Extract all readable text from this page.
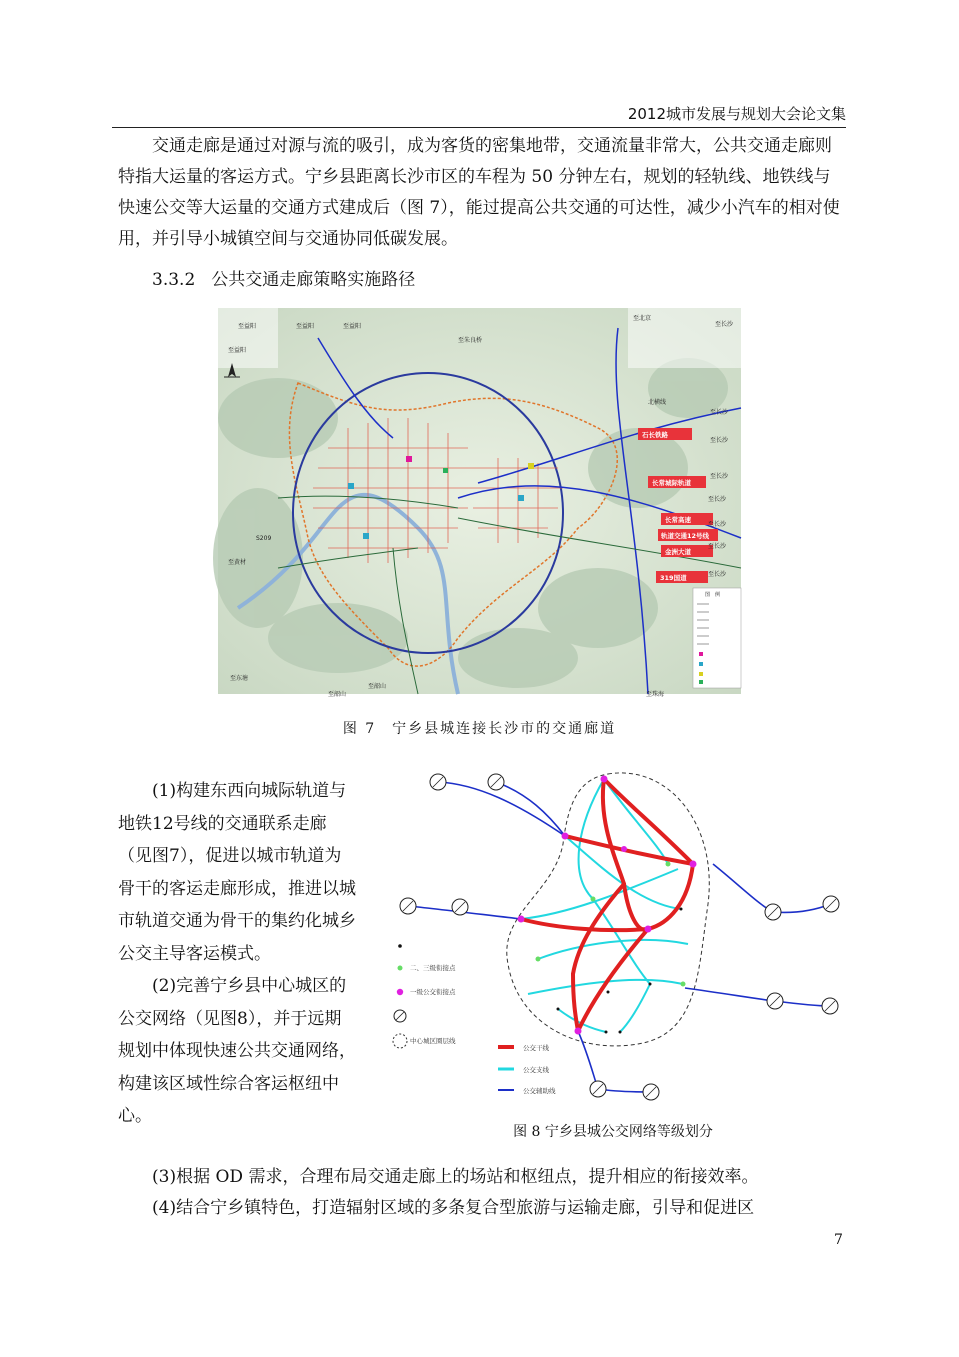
2012城市发展与规划大会论文集

交通走廊是通过对源与流的吸引，成为客货的密集地带，交通流量非常大，公共交通走廊则特指大运量的客运方式。宁乡县距离长沙市区的车程为 50 分钟左右，规划的轻轨线、地铁线与快速公交等大运量的交通方式建成后（图 7），能过提高公共交通的可达性，减少小汽车的相对使用，并引导小城镇空间与交通协同低碳发展。

3.3.2 公共交通走廊策略实施路径
至北京
至益阳	至益阳	至益阳
至益阳
至朱良桥
至长沙
至长沙
至长沙
至长沙
至长沙
至长沙
至长沙
至长沙
至黄材
至东塘
至韶山
至韶山
至珠海
北横线
S209
石长铁路
长常城际轨道
长常高速
轨道交通12号线
金洲大道
319国道
图　例
图 7　宁乡县城连接长沙市的交通廊道

(1)构建东西向城际轨道与地铁12号线的交通联系走廊（见图7），促进以城市轨道为骨干的客运走廊形成，推进以城市轨道交通为骨干的集约化城乡公交主导客运模式。

(2)完善宁乡县中心城区的公交网络（见图8），并于远期规划中体现快速公共交通网络，构建该区域性综合客运枢纽中心。

二、三级衔接点
一级公交衔接点
中心城区圈层线
公交干线
公交支线
公交辅助线
图 8 宁乡县城公交网络等级划分

(3)根据 OD 需求，合理布局交通走廊上的场站和枢纽点，提升相应的衔接效率。

(4)结合宁乡镇特色，打造辐射区域的多条复合型旅游与运输走廊，引导和促进区

7
